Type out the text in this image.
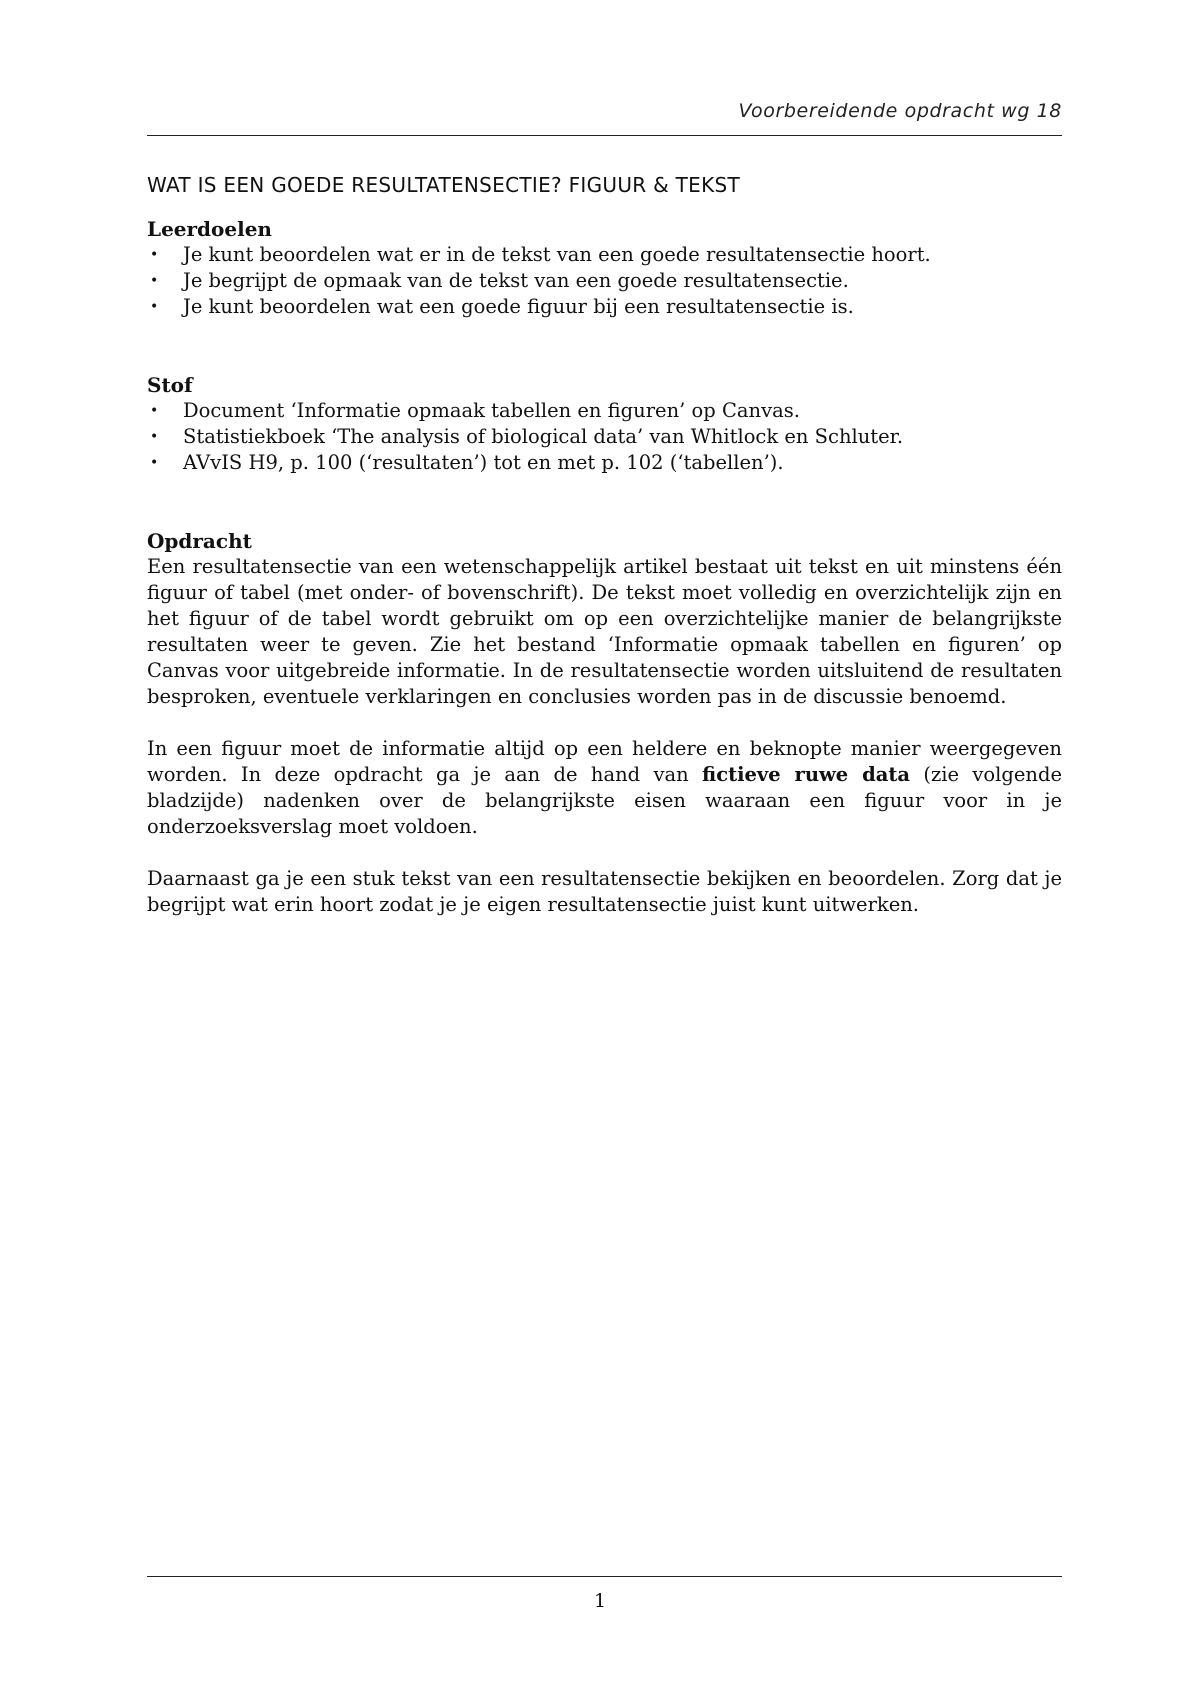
Voorbereidende opdracht wg 18
WAT IS EEN GOEDE RESULTATENSECTIE? FIGUUR & TEKST
Leerdoelen
• Je kunt beoordelen wat er in de tekst van een goede resultatensectie hoort.
• Je begrijpt de opmaak van de tekst van een goede resultatensectie.
• Je kunt beoordelen wat een goede figuur bij een resultatensectie is.
Stof
• Document ‘Informatie opmaak tabellen en figuren’ op Canvas.
• Statistiekboek ‘The analysis of biological data’ van Whitlock en Schluter.
• AVvIS H9, p. 100 (‘resultaten’) tot en met p. 102 (‘tabellen’).
Opdracht

Een resultatensectie van een wetenschappelijk artikel bestaat uit tekst en uit minstens één figuur of tabel (met onder- of bovenschrift). De tekst moet volledig en overzichtelijk zijn en het figuur of de tabel wordt gebruikt om op een overzichtelijke manier de belangrijkste resultaten weer te geven. Zie het bestand ‘Informatie opmaak tabellen en figuren’ op Canvas voor uitgebreide informatie. In de resultatensectie worden uitsluitend de resultaten besproken, eventuele verklaringen en conclusies worden pas in de discussie benoemd.

In een figuur moet de informatie altijd op een heldere en beknopte manier weergegeven worden. In deze opdracht ga je aan de hand van fictieve ruwe data (zie volgende bladzijde) nadenken over de belangrijkste eisen waaraan een figuur voor in je onderzoeksverslag moet voldoen.

Daarnaast ga je een stuk tekst van een resultatensectie bekijken en beoordelen. Zorg dat je begrijpt wat erin hoort zodat je je eigen resultatensectie juist kunt uitwerken.

1
